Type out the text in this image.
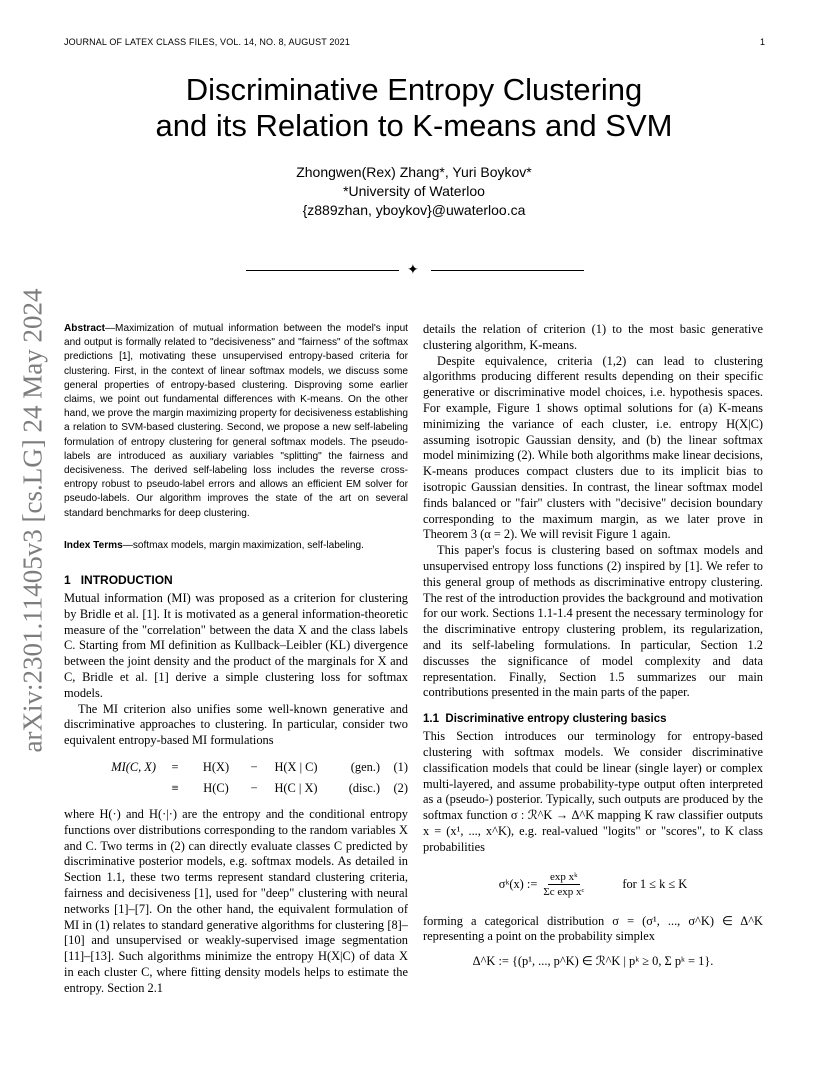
JOURNAL OF LATEX CLASS FILES, VOL. 14, NO. 8, AUGUST 2021	1
arXiv:2301.11405v3 [cs.LG] 24 May 2024
Discriminative Entropy Clustering
and its Relation to K-means and SVM
Zhongwen(Rex) Zhang*, Yuri Boykov*
*University of Waterloo
{z889zhan, yboykov}@uwaterloo.ca
✦

Abstract—Maximization of mutual information between the model's input and output is formally related to "decisiveness" and "fairness" of the softmax predictions [1], motivating these unsupervised entropy-based criteria for clustering. First, in the context of linear softmax models, we discuss some general properties of entropy-based clustering. Disproving some earlier claims, we point out fundamental differences with K-means. On the other hand, we prove the margin maximizing property for decisiveness establishing a relation to SVM-based clustering. Second, we propose a new self-labeling formulation of entropy clustering for general softmax models. The pseudo-labels are introduced as auxiliary variables "splitting" the fairness and decisiveness. The derived self-labeling loss includes the reverse cross-entropy robust to pseudo-label errors and allows an efficient EM solver for pseudo-labels. Our algorithm improves the state of the art on several standard benchmarks for deep clustering.

Index Terms—softmax models, margin maximization, self-labeling.

1 INTRODUCTION

Mutual information (MI) was proposed as a criterion for clustering by Bridle et al. [1]. It is motivated as a general information-theoretic measure of the "correlation" between the data X and the class labels C. Starting from MI definition as Kullback–Leibler (KL) divergence between the joint density and the product of the marginals for X and C, Bridle et al. [1] derive a simple clustering loss for softmax models.

The MI criterion also unifies some well-known generative and discriminative approaches to clustering. In particular, consider two equivalent entropy-based MI formulations

MI(C, X)	=	H(X)	−	H(X | C)	(gen.)	(1)
≡	H(C)	−	H(C | X)	(disc.)	(2)

where H(·) and H(·|·) are the entropy and the conditional entropy functions over distributions corresponding to the random variables X and C. Two terms in (2) can directly evaluate classes C predicted by discriminative posterior models, e.g. softmax models. As detailed in Section 1.1, these two terms represent standard clustering criteria, fairness and decisiveness [1], used for "deep" clustering with neural networks [1]–[7]. On the other hand, the equivalent formulation of MI in (1) relates to standard generative algorithms for clustering [8]–[10] and unsupervised or weakly-supervised image segmentation [11]–[13]. Such algorithms minimize the entropy H(X|C) of data X in each cluster C, where fitting density models helps to estimate the entropy. Section 2.1

details the relation of criterion (1) to the most basic generative clustering algorithm, K-means.

Despite equivalence, criteria (1,2) can lead to clustering algorithms producing different results depending on their specific generative or discriminative model choices, i.e. hypothesis spaces. For example, Figure 1 shows optimal solutions for (a) K-means minimizing the variance of each cluster, i.e. entropy H(X|C) assuming isotropic Gaussian density, and (b) the linear softmax model minimizing (2). While both algorithms make linear decisions, K-means produces compact clusters due to its implicit bias to isotropic Gaussian densities. In contrast, the linear softmax model finds balanced or "fair" clusters with "decisive" decision boundary corresponding to the maximum margin, as we later prove in Theorem 3 (α = 2). We will revisit Figure 1 again.

This paper's focus is clustering based on softmax models and unsupervised entropy loss functions (2) inspired by [1]. We refer to this general group of methods as discriminative entropy clustering. The rest of the introduction provides the background and motivation for our work. Sections 1.1-1.4 present the necessary terminology for the discriminative entropy clustering problem, its regularization, and its self-labeling formulations. In particular, Section 1.2 discusses the significance of model complexity and data representation. Finally, Section 1.5 summarizes our main contributions presented in the main parts of the paper.

1.1 Discriminative entropy clustering basics

This Section introduces our terminology for entropy-based clustering with softmax models. We consider discriminative classification models that could be linear (single layer) or complex multi-layered, and assume probability-type output often interpreted as a (pseudo-) posterior. Typically, such outputs are produced by the softmax function σ : ℛ^K → Δ^K mapping K raw classifier outputs x = (x¹, ..., x^K), e.g. real-valued "logits" or "scores", to K class probabilities

σᵏ(x) := $\frac{\text{exp xᵏ}}{\text{Σc exp xᶜ}}$	for 1 ≤ k ≤ K

forming a categorical distribution σ = (σ¹, ..., σ^K) ∈ Δ^K representing a point on the probability simplex

Δ^K := {(p¹, ..., p^K) ∈ ℛ^K | pᵏ ≥ 0, Σ pᵏ = 1}.
